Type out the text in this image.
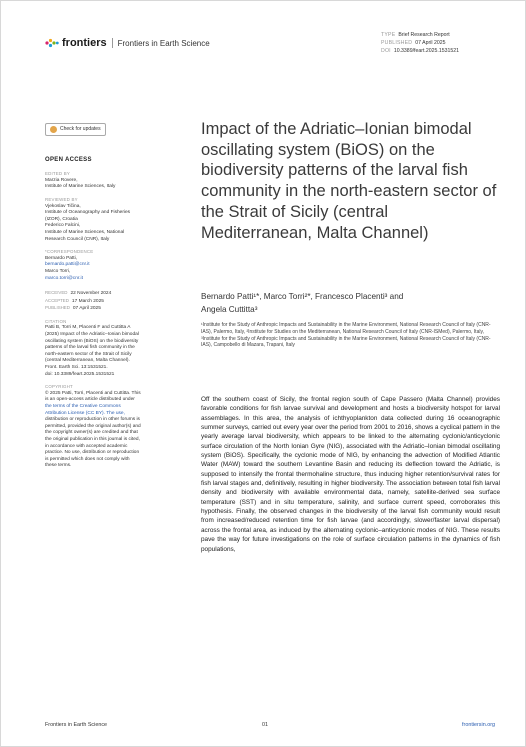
frontiers Frontiers in Earth Science
TYPE Brief Research Report
PUBLISHED 07 April 2025
DOI 10.3389/feart.2025.1531521
Check for updates
OPEN ACCESS
EDITED BY
Marzia Rovere,
Institute of Marine Sciences, Italy
REVIEWED BY
Vjekoslav Tičina,
Institute of Oceanography and Fisheries
(IZOR), Croatia
Federico Falcini,
Institute of Marine Sciences, National
Research Council (CNR), Italy
*CORRESPONDENCE
Bernardo Patti,
bernardo.patti@cnr.it
Marco Torri,
marco.torri@cnr.it
RECEIVED 22 November 2024
ACCEPTED 17 March 2025
PUBLISHED 07 April 2025
CITATION
Patti B, Torri M, Placenti F and Cuttitta A
(2025) Impact of the Adriatic–Ionian bimodal
oscillating system (BiOS) on the biodiversity
patterns of the larval fish community in the
north-eastern sector of the Strait of Sicily
(central Mediterranean, Malta Channel).
Front. Earth Sci. 13:1531521.
doi: 10.3389/feart.2025.1531521
COPYRIGHT
© 2025 Patti, Torri, Placenti and Cuttitta. This
is an open-access article distributed under
the terms of the Creative Commons
Attribution License (CC BY). The use,
distribution or reproduction in other forums is
permitted, provided the original author(s) and
the copyright owner(s) are credited and that
the original publication in this journal is cited,
in accordance with accepted academic
practice. No use, distribution or reproduction
is permitted which does not comply with
these terms.
Impact of the Adriatic–Ionian bimodal oscillating system (BiOS) on the biodiversity patterns of the larval fish community in the north-eastern sector of the Strait of Sicily (central Mediterranean, Malta Channel)
Bernardo Patti¹*, Marco Torri²*, Francesco Placenti³ and
Angela Cuttitta³
¹Institute for the Study of Anthropic Impacts and Sustainability in the Marine Environment, National Research Council of Italy (CNR-IAS), Palermo, Italy, ²Institute for Studies on the Mediterranean, National Research Council of Italy (CNR-ISMed), Palermo, Italy, ³Institute for the Study of Anthropic Impacts and Sustainability in the Marine Environment, National Research Council of Italy (CNR-IAS), Campobello di Mazara, Trapani, Italy

Off the southern coast of Sicily, the frontal region south of Cape Passero (Malta Channel) provides favorable conditions for fish larvae survival and development and hosts a biodiversity hotspot for larval assemblages. In this area, the analysis of ichthyoplankton data collected during 16 oceanographic summer surveys, carried out every year over the period from 2001 to 2016, shows a cyclical pattern in the yearly average larval biodiversity, which appears to be linked to the alternating cyclonic/anticyclonic surface circulation of the North Ionian Gyre (NIG), associated with the Adriatic–Ionian bimodal oscillating system (BiOS). Specifically, the cyclonic mode of NIG, by enhancing the advection of Modified Atlantic Water (MAW) toward the southern Levantine Basin and reducing its deflection toward the Adriatic, is supposed to intensify the frontal thermohaline structure, thus inducing higher retention/survival rates for fish larval stages and, definitively, resulting in higher biodiversity. The association between total fish larval density and biodiversity with available environmental data, namely, satellite-derived sea surface temperature (SST) and in situ temperature, salinity, and surface current speed, corroborates this hypothesis. Finally, the observed changes in the biodiversity of the larval fish community would result from increased/reduced retention time for fish larvae (and accordingly, slower/faster larval dispersal) across the frontal area, as induced by the alternating cyclonic–anticyclonic modes of NIG. These results pave the way for future investigations on the role of surface circulation patterns in the dynamics of fish populations,

Frontiers in Earth Science	01	frontiersin.org
